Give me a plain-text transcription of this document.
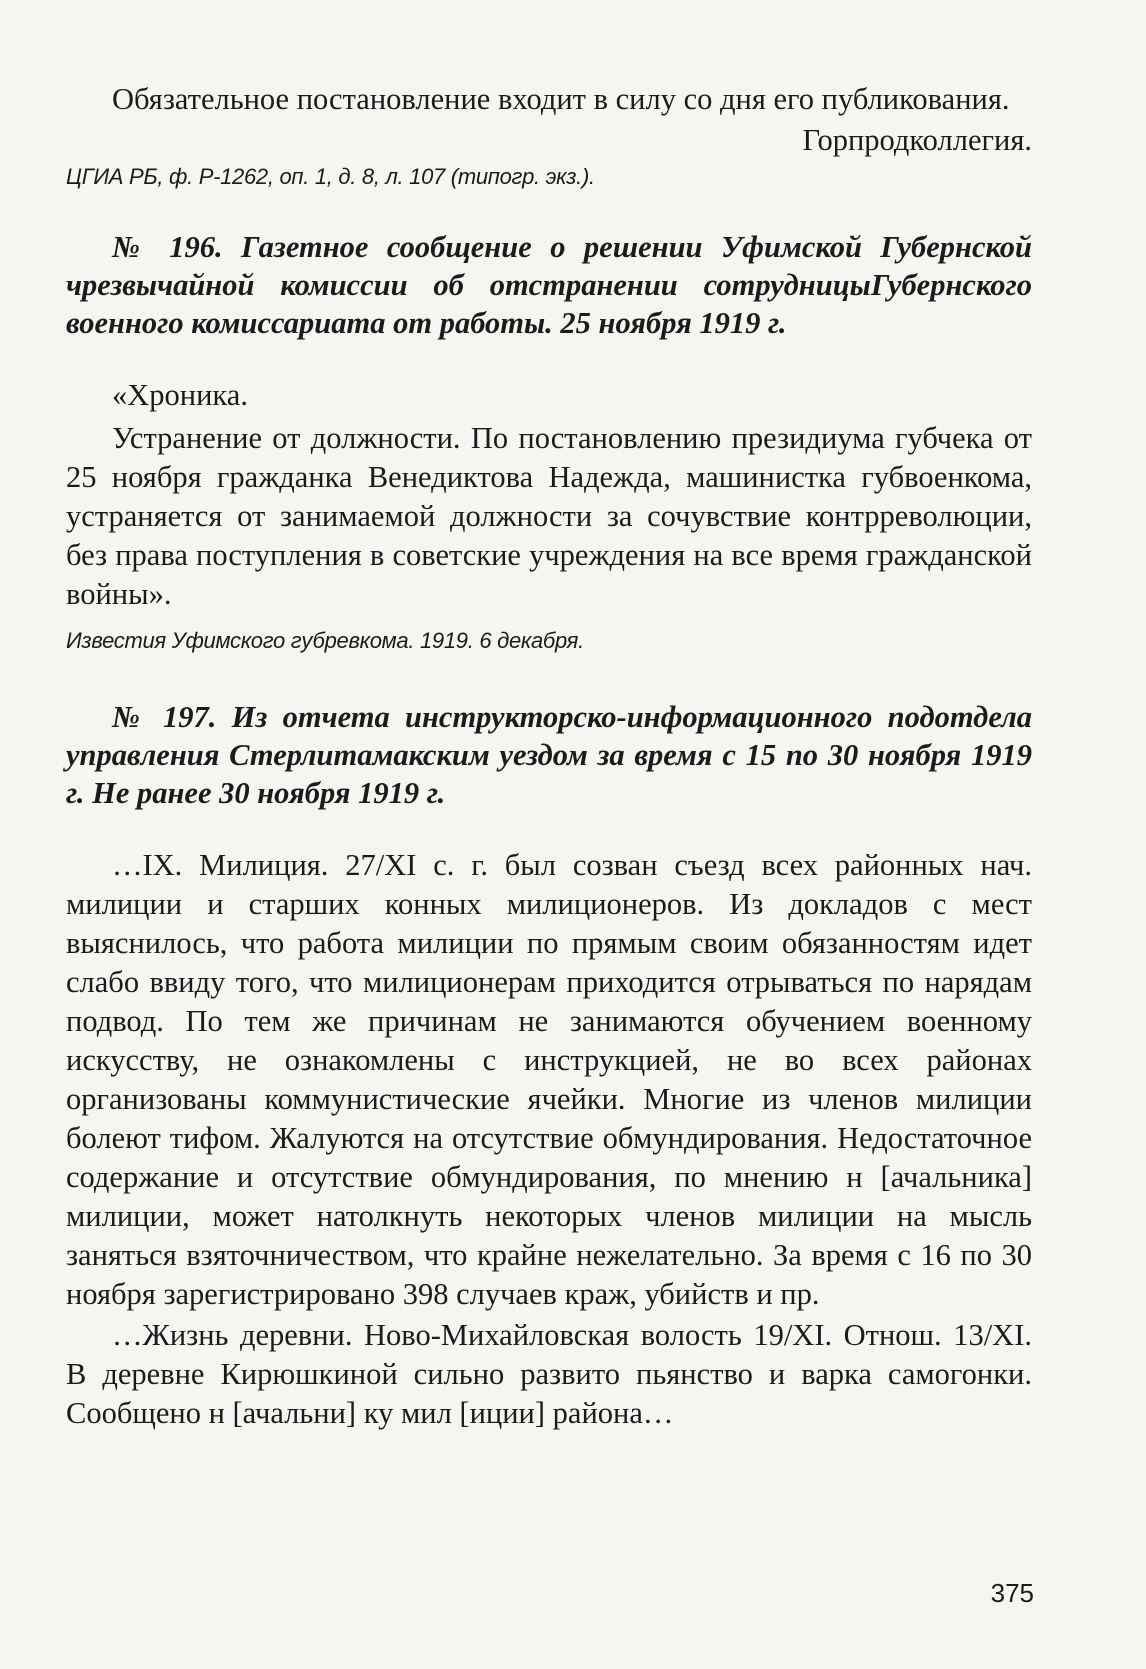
Обязательное постановление входит в силу со дня его публикования.

Горпродколлегия.

ЦГИА РБ, ф. Р-1262, оп. 1, д. 8, л. 107 (типогр. экз.).

№ 196. Газетное сообщение о решении Уфимской Губернской чрезвычайной комиссии об отстранении сотрудницыГубернского военного комиссариата от работы. 25 ноября 1919 г.

«Хроника.

Устранение от должности. По постановлению президиума губчека от 25 ноября гражданка Венедиктова Надежда, машинистка губвоенкома, устраняется от занимаемой должности за сочувствие контрреволюции, без права поступления в советские учреждения на все время гражданской войны».

Известия Уфимского губревкома. 1919. 6 декабря.

№ 197. Из отчета инструкторско-информационного подотдела управления Стерлитамакским уездом за время с 15 по 30 ноября 1919 г. Не ранее 30 ноября 1919 г.

…IX. Милиция. 27/XI с. г. был созван съезд всех районных нач. милиции и старших конных милиционеров. Из докладов с мест выяснилось, что работа милиции по прямым своим обязанностям идет слабо ввиду того, что милиционерам приходится отрываться по нарядам подвод. По тем же причинам не занимаются обучением военному искусству, не ознакомлены с инструкцией, не во всех районах организованы коммунистические ячейки. Многие из членов милиции болеют тифом. Жалуются на отсутствие обмундирования. Недостаточное содержание и отсутствие обмундирования, по мнению н [ачальника] милиции, может натолкнуть некоторых членов милиции на мысль заняться взяточничеством, что крайне нежелательно. За время с 16 по 30 ноября зарегистрировано 398 случаев краж, убийств и пр.

…Жизнь деревни. Ново-Михайловская волость 19/XI. Отнош. 13/XI. В деревне Кирюшкиной сильно развито пьянство и варка самогонки. Сообщено н [ачальни] ку мил [иции] района…

375
